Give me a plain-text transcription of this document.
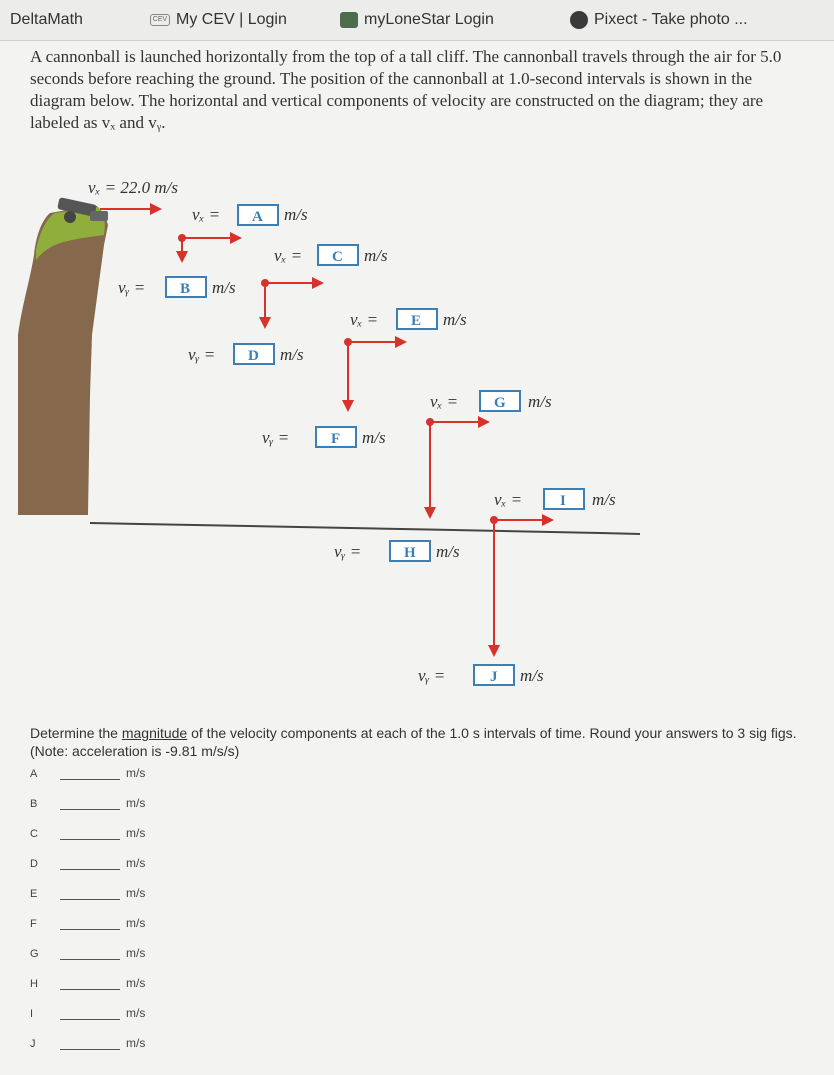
DeltaMath	CEV My CEV | Login	myLoneStar Login	Pixect - Take photo ...
A cannonball is launched horizontally from the top of a tall cliff. The cannonball travels through the air for 5.0 seconds before reaching the ground. The position of the cannonball at 1.0-second intervals is shown in the diagram below. The horizontal and vertical components of velocity are constructed on the diagram; they are labeled as vₓ and vᵧ.
vₓ = 22.0 m/s
vₓ = A m/s
vₓ = C m/s
vᵧ = B m/s
vₓ = E m/s
vᵧ = D m/s
vₓ = G m/s
vᵧ =	F m/s
vₓ =	I m/s
vᵧ =	H m/s
vᵧ =	J m/s
Determine the magnitude of the velocity components at each of the 1.0 s intervals of time. Round your answers to 3 sig figs.
(Note: acceleration is -9.81 m/s/s)
A	m/s
B	m/s
C	m/s
D	m/s
E	m/s
F	m/s
G	m/s
H	m/s
I	m/s
J	m/s
